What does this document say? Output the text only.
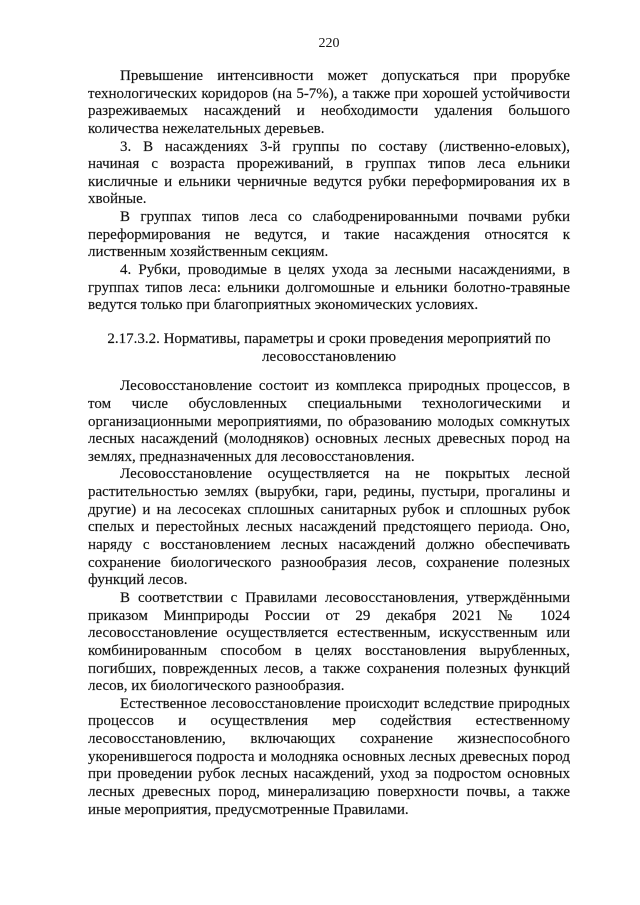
220
Превышение интенсивности может допускаться при прорубке
технологических коридоров (на 5-7%), а также при хорошей устойчивости
разреживаемых насаждений и необходимости удаления большого
количества нежелательных деревьев.
3. В насаждениях 3-й группы по составу (лиственно-еловых),
начиная с возраста прореживаний, в группах типов леса ельники
кисличные и ельники черничные ведутся рубки переформирования их в
хвойные.
В группах типов леса со слабодренированными почвами рубки
переформирования не ведутся, и такие насаждения относятся к
лиственным хозяйственным секциям.
4. Рубки, проводимые в целях ухода за лесными насаждениями, в
группах типов леса: ельники долгомошные и ельники болотно-травяные
ведутся только при благоприятных экономических условиях.
2.17.3.2. Нормативы, параметры и сроки проведения мероприятий по
лесовосстановлению
Лесовосстановление состоит из комплекса природных процессов, в
том числе обусловленных специальными технологическими и
организационными мероприятиями, по образованию молодых сомкнутых
лесных насаждений (молодняков) основных лесных древесных пород на
землях, предназначенных для лесовосстановления.
Лесовосстановление осуществляется на не покрытых лесной
растительностью землях (вырубки, гари, редины, пустыри, прогалины и
другие) и на лесосеках сплошных санитарных рубок и сплошных рубок
спелых и перестойных лесных насаждений предстоящего периода. Оно,
наряду с восстановлением лесных насаждений должно обеспечивать
сохранение биологического разнообразия лесов, сохранение полезных
функций лесов.
В соответствии с Правилами лесовосстановления, утверждёнными
приказом Минприроды России от 29 декабря 2021 № 1024
лесовосстановление осуществляется естественным, искусственным или
комбинированным способом в целях восстановления вырубленных,
погибших, поврежденных лесов, а также сохранения полезных функций
лесов, их биологического разнообразия.
Естественное лесовосстановление происходит вследствие природных
процессов и осуществления мер содействия естественному
лесовосстановлению, включающих сохранение жизнеспособного
укоренившегося подроста и молодняка основных лесных древесных пород
при проведении рубок лесных насаждений, уход за подростом основных
лесных древесных пород, минерализацию поверхности почвы, а также
иные мероприятия, предусмотренные Правилами.
